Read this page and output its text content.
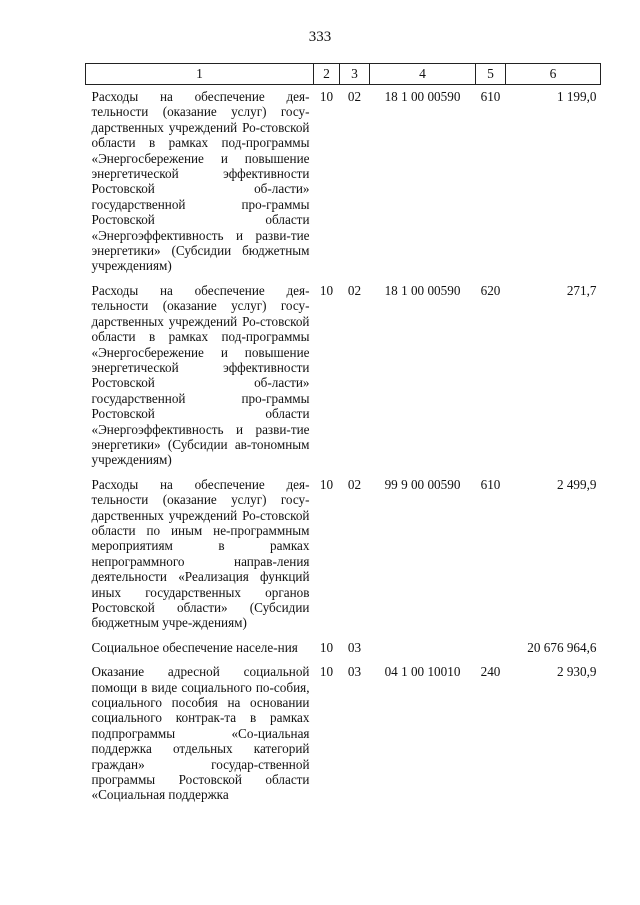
333
1	2	3	4	5	6
Расходы на обеспечение дея-тельности (оказание услуг) госу-дарственных учреждений Ро-стовской области в рамках под-программы «Энергосбережение и повышение энергетической эффективности Ростовской об-ласти» государственной про-граммы Ростовской области «Энергоэффективность и разви-тие энергетики» (Субсидии бюджетным учреждениям)	10	02	18 1 00 00590	610	1 199,0
Расходы на обеспечение дея-тельности (оказание услуг) госу-дарственных учреждений Ро-стовской области в рамках под-программы «Энергосбережение и повышение энергетической эффективности Ростовской об-ласти» государственной про-граммы Ростовской области «Энергоэффективность и разви-тие энергетики» (Субсидии ав-тономным учреждениям)	10	02	18 1 00 00590	620	271,7
Расходы на обеспечение дея-тельности (оказание услуг) госу-дарственных учреждений Ро-стовской области по иным не-программным мероприятиям в рамках непрограммного направ-ления деятельности «Реализация функций иных государственных органов Ростовской области» (Субсидии бюджетным учре-ждениям)	10	02	99 9 00 00590	610	2 499,9
Социальное обеспечение населе-ния	10	03			20 676 964,6
Оказание адресной социальной помощи в виде социального по-собия, социального пособия на основании социального контрак-та в рамках подпрограммы «Со-циальная поддержка отдельных категорий граждан» государ-ственной программы Ростовской области «Социальная поддержка	10	03	04 1 00 10010	240	2 930,9
